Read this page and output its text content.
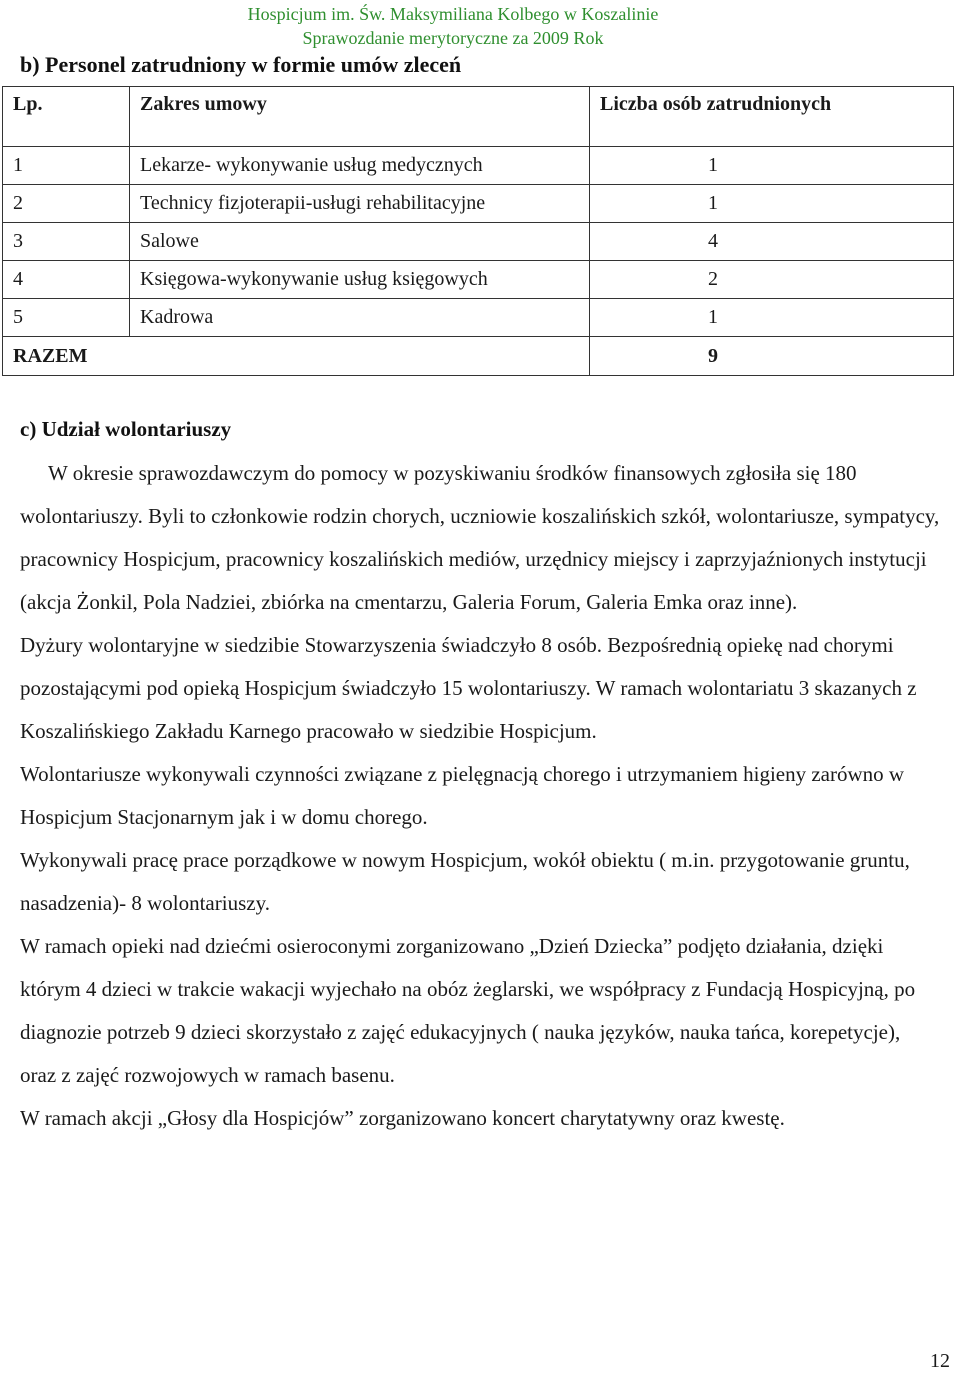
Hospicjum im. Św. Maksymiliana Kolbego w Koszalinie
Sprawozdanie merytoryczne za 2009 Rok
b) Personel zatrudniony w formie umów zleceń
Lp.	Zakres umowy	Liczba osób zatrudnionych
1	Lekarze- wykonywanie usług medycznych	1
2	Technicy fizjoterapii-usługi rehabilitacyjne	1
3	Salowe	4
4	Księgowa-wykonywanie usług księgowych	2
5	Kadrowa	1
RAZEM		9
c) Udział wolontariuszy

W okresie sprawozdawczym do pomocy w pozyskiwaniu środków finansowych zgłosiła się 180 wolontariuszy. Byli to członkowie rodzin chorych, uczniowie koszalińskich szkół, wolontariusze, sympatycy, pracownicy Hospicjum, pracownicy koszalińskich mediów, urzędnicy miejscy i zaprzyjaźnionych instytucji (akcja Żonkil, Pola Nadziei, zbiórka na cmentarzu, Galeria Forum, Galeria Emka oraz inne).

Dyżury wolontaryjne w siedzibie Stowarzyszenia świadczyło 8 osób. Bezpośrednią opiekę nad chorymi pozostającymi pod opieką Hospicjum świadczyło 15 wolontariuszy. W ramach wolontariatu 3 skazanych z Koszalińskiego Zakładu Karnego pracowało w siedzibie Hospicjum.

Wolontariusze wykonywali czynności związane z pielęgnacją chorego i utrzymaniem higieny zarówno w Hospicjum Stacjonarnym jak i w domu chorego.

Wykonywali pracę prace porządkowe w nowym Hospicjum, wokół obiektu ( m.in. przygotowanie gruntu, nasadzenia)- 8 wolontariuszy.

W ramach opieki nad dziećmi osieroconymi zorganizowano „Dzień Dziecka” podjęto działania, dzięki którym 4 dzieci w trakcie wakacji wyjechało na obóz żeglarski, we współpracy z Fundacją Hospicyjną, po diagnozie potrzeb 9 dzieci skorzystało z zajęć edukacyjnych ( nauka języków, nauka tańca, korepetycje), oraz z zajęć rozwojowych w ramach basenu.

W ramach akcji „Głosy dla Hospicjów” zorganizowano koncert charytatywny oraz kwestę.

12
